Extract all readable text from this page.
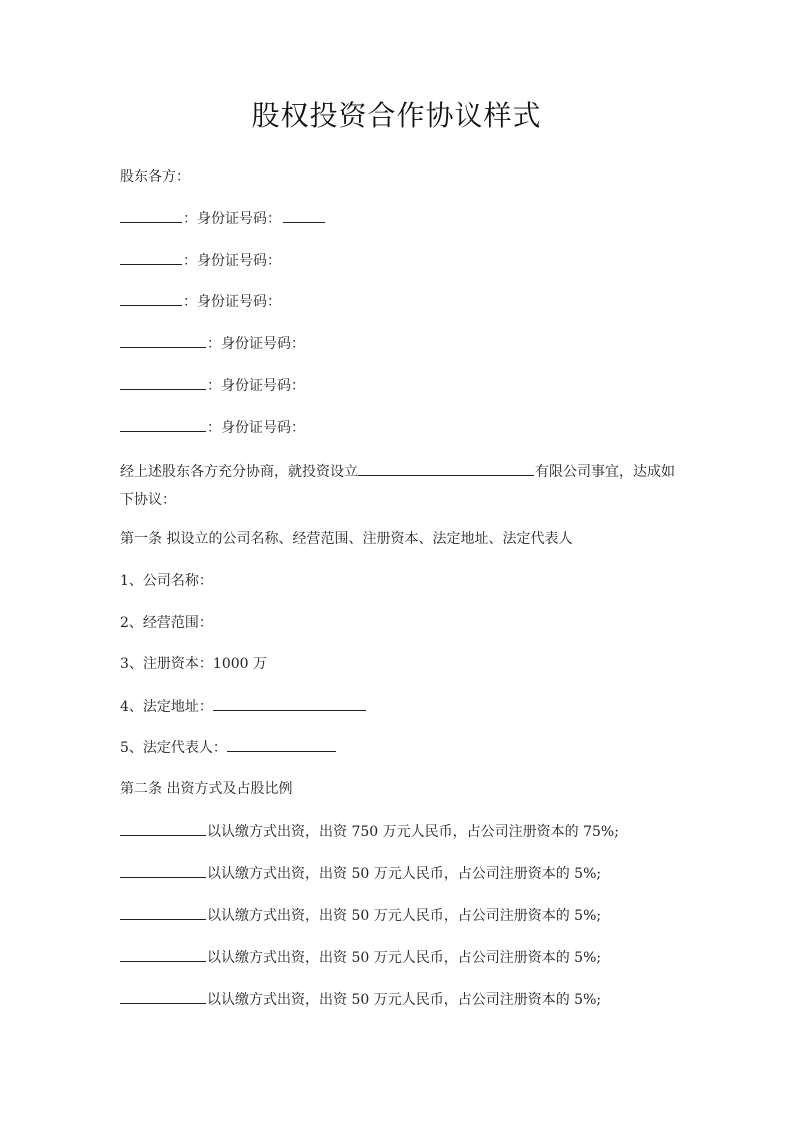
股权投资合作协议样式
股东各方：
：身份证号码：
：身份证号码：
：身份证号码：
：身份证号码：
：身份证号码：
：身份证号码：
经上述股东各方充分协商，就投资设立	有限公司事宜，达成如下协议：
第一条 拟设立的公司名称、经营范围、注册资本、法定地址、法定代表人
1、公司名称：
2、经营范围：
3、注册资本：1000 万
4、法定地址：
5、法定代表人：
第二条 出资方式及占股比例
以认缴方式出资，出资 750 万元人民币，占公司注册资本的 75%;
以认缴方式出资，出资 50 万元人民币，占公司注册资本的 5%;
以认缴方式出资，出资 50 万元人民币，占公司注册资本的 5%;
以认缴方式出资，出资 50 万元人民币，占公司注册资本的 5%;
以认缴方式出资，出资 50 万元人民币，占公司注册资本的 5%;
